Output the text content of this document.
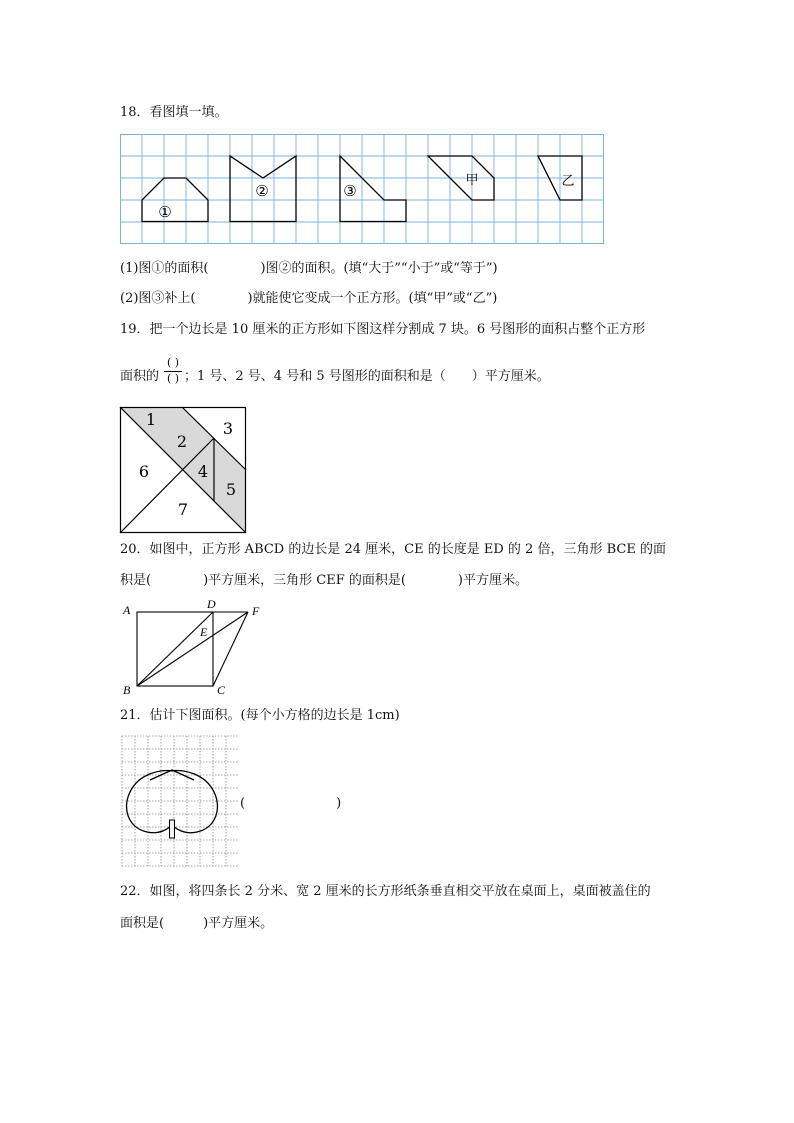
18．看图填一填。
①
②	③
甲	乙
(1)图①的面积(　　　　)图②的面积。(填“大于”“小于”或“等于”)
(2)图③补上(　　　　)就能使它变成一个正方形。(填“甲”或“乙”)
19．把一个边长是 10 厘米的正方形如下图这样分割成 7 块。6 号图形的面积占整个正方形
面积的
( )
( ) ；1 号、2 号、4 号和 5 号图形的面积和是（　　）平方厘米。
1
2
3
4
5
6
7
20．如图中，正方形 ABCD 的边长是 24 厘米，CE 的长度是 ED 的 2 倍，三角形 BCE 的面
积是(　　　　)平方厘米，三角形 CEF 的面积是(　　　　)平方厘米。
A	D	F
E
B	C
21．估计下图面积。(每个小方格的边长是 1cm)
(　　　　　　　)
22．如图，将四条长 2 分米、宽 2 厘米的长方形纸条垂直相交平放在桌面上，桌面被盖住的
面积是(　　　)平方厘米。
